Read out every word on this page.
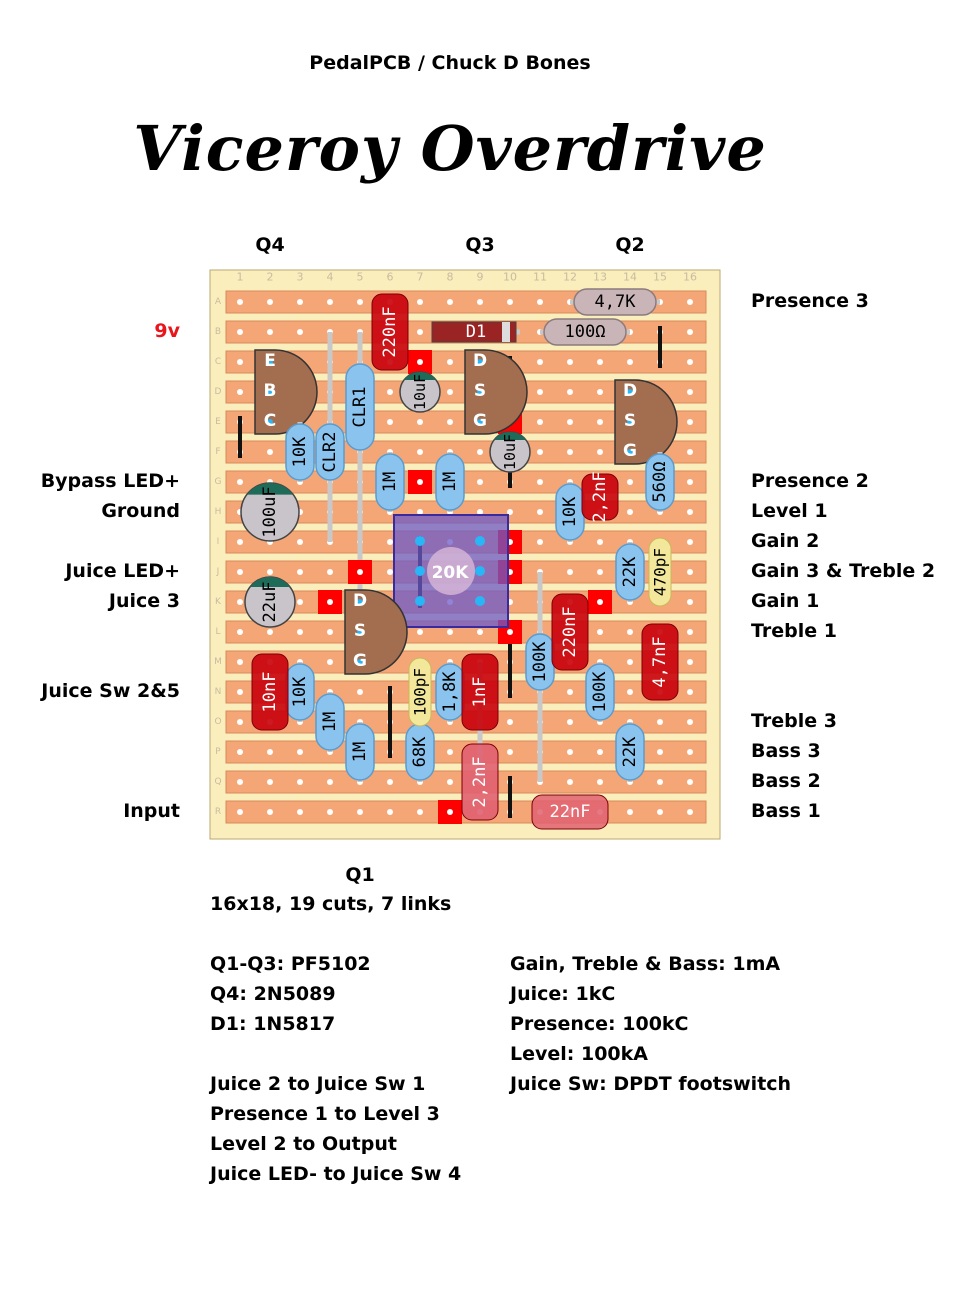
PedalPCB / Chuck D Bones
Viceroy Overdrive
Q4	Q3	Q2
Q1
9v
Bypass LED+
Ground
Juice LED+
Juice 3
Juice Sw 2&5
Input
Presence 3
Presence 2
Level 1
Gain 2
Gain 3 & Treble 2
Gain 1
Treble 1
Treble 3
Bass 3
Bass 2
Bass 1
1 2 3 4 5 6 7 8 9 10 11 12 13 14 15 16
A
B
C
D
E
F
G
H
I
J
K
L
M
N
O
P
Q
R
20K
E
B
C
D
S
G
D
S
G
D
S
G
10uF
10uF
100uF
22uF
4,7K
100Ω
10K CLR2
CLR1
1M 1M
10K
560Ω
22K
10K
1M
1M
1,8K
68K
100K
100K
22K
220nF
2,2nF
220nF
4,7nF
10nF	1nF
2,2nF
22nF
470pF
100pF
D1
16x18, 19 cuts, 7 links
Q1-Q3: PF5102
Q4: 2N5089
D1: 1N5817
Juice 2 to Juice Sw 1
Presence 1 to Level 3
Level 2 to Output
Juice LED- to Juice Sw 4
Gain, Treble & Bass: 1mA
Juice: 1kC
Presence: 100kC
Level: 100kA
Juice Sw: DPDT footswitch
